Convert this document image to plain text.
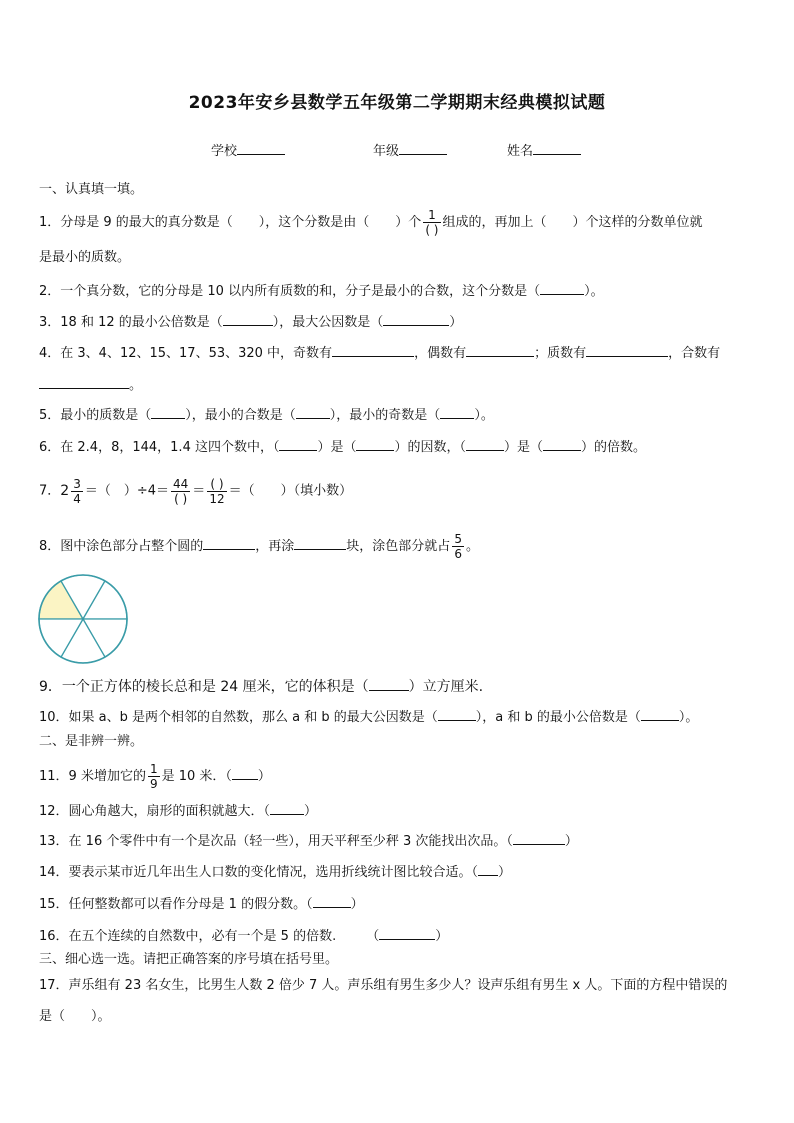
2023年安乡县数学五年级第二学期期末经典模拟试题
学校	年级	姓名
一、认真填一填。
1．分母是 9 的最大的真分数是（　　），这个分数是由（　　）个 $\frac{1}{( )}$ 组成的，再加上（　　）个这样的分数单位就
是最小的质数。
2．一个真分数，它的分母是 10 以内所有质数的和，分子是最小的合数，这个分数是（	）。
3．18 和 12 的最小公倍数是（	），最大公因数是（	）
4．在 3、4、12、15、17、53、320 中，奇数有	，偶数有	；质数有	，合数有
。
5．最小的质数是（	），最小的合数是（	），最小的奇数是（	）。
6．在 2.4，8，144，1.4 这四个数中，（	）是（	）的因数，（	）是（	）的倍数。
7．$2 \frac{3}{4}$ ＝（　）$\div 4= \frac{44}{( )} = \frac{( )}{12}$ ＝（　　）（填小数）
8．图中涂色部分占整个圆的	，再涂	块，涂色部分就占 $\frac{5}{6}$ 。
9．一个正方体的棱长总和是 24 厘米，它的体积是（	）立方厘米.
10．如果 a、b 是两个相邻的自然数，那么 a 和 b 的最大公因数是（	），a 和 b 的最小公倍数是（	）。
二、是非辨一辨。
11．9 米增加它的 $\frac{1}{9}$ 是 10 米．（ ）
12．圆心角越大，扇形的面积就越大．（	）
13．在 16 个零件中有一个是次品（轻一些），用天平秤至少秤 3 次能找出次品。（	）
14．要表示某市近几年出生人口数的变化情况，选用折线统计图比较合适。（ ）
15．任何整数都可以看作分母是 1 的假分数。（	）
16．在五个连续的自然数中，必有一个是 5 的倍数. （	）
三、细心选一选。请把正确答案的序号填在括号里。
17．声乐组有 23 名女生，比男生人数 2 倍少 7 人。声乐组有男生多少人？设声乐组有男生 x 人。下面的方程中错误的
是（　　）。
